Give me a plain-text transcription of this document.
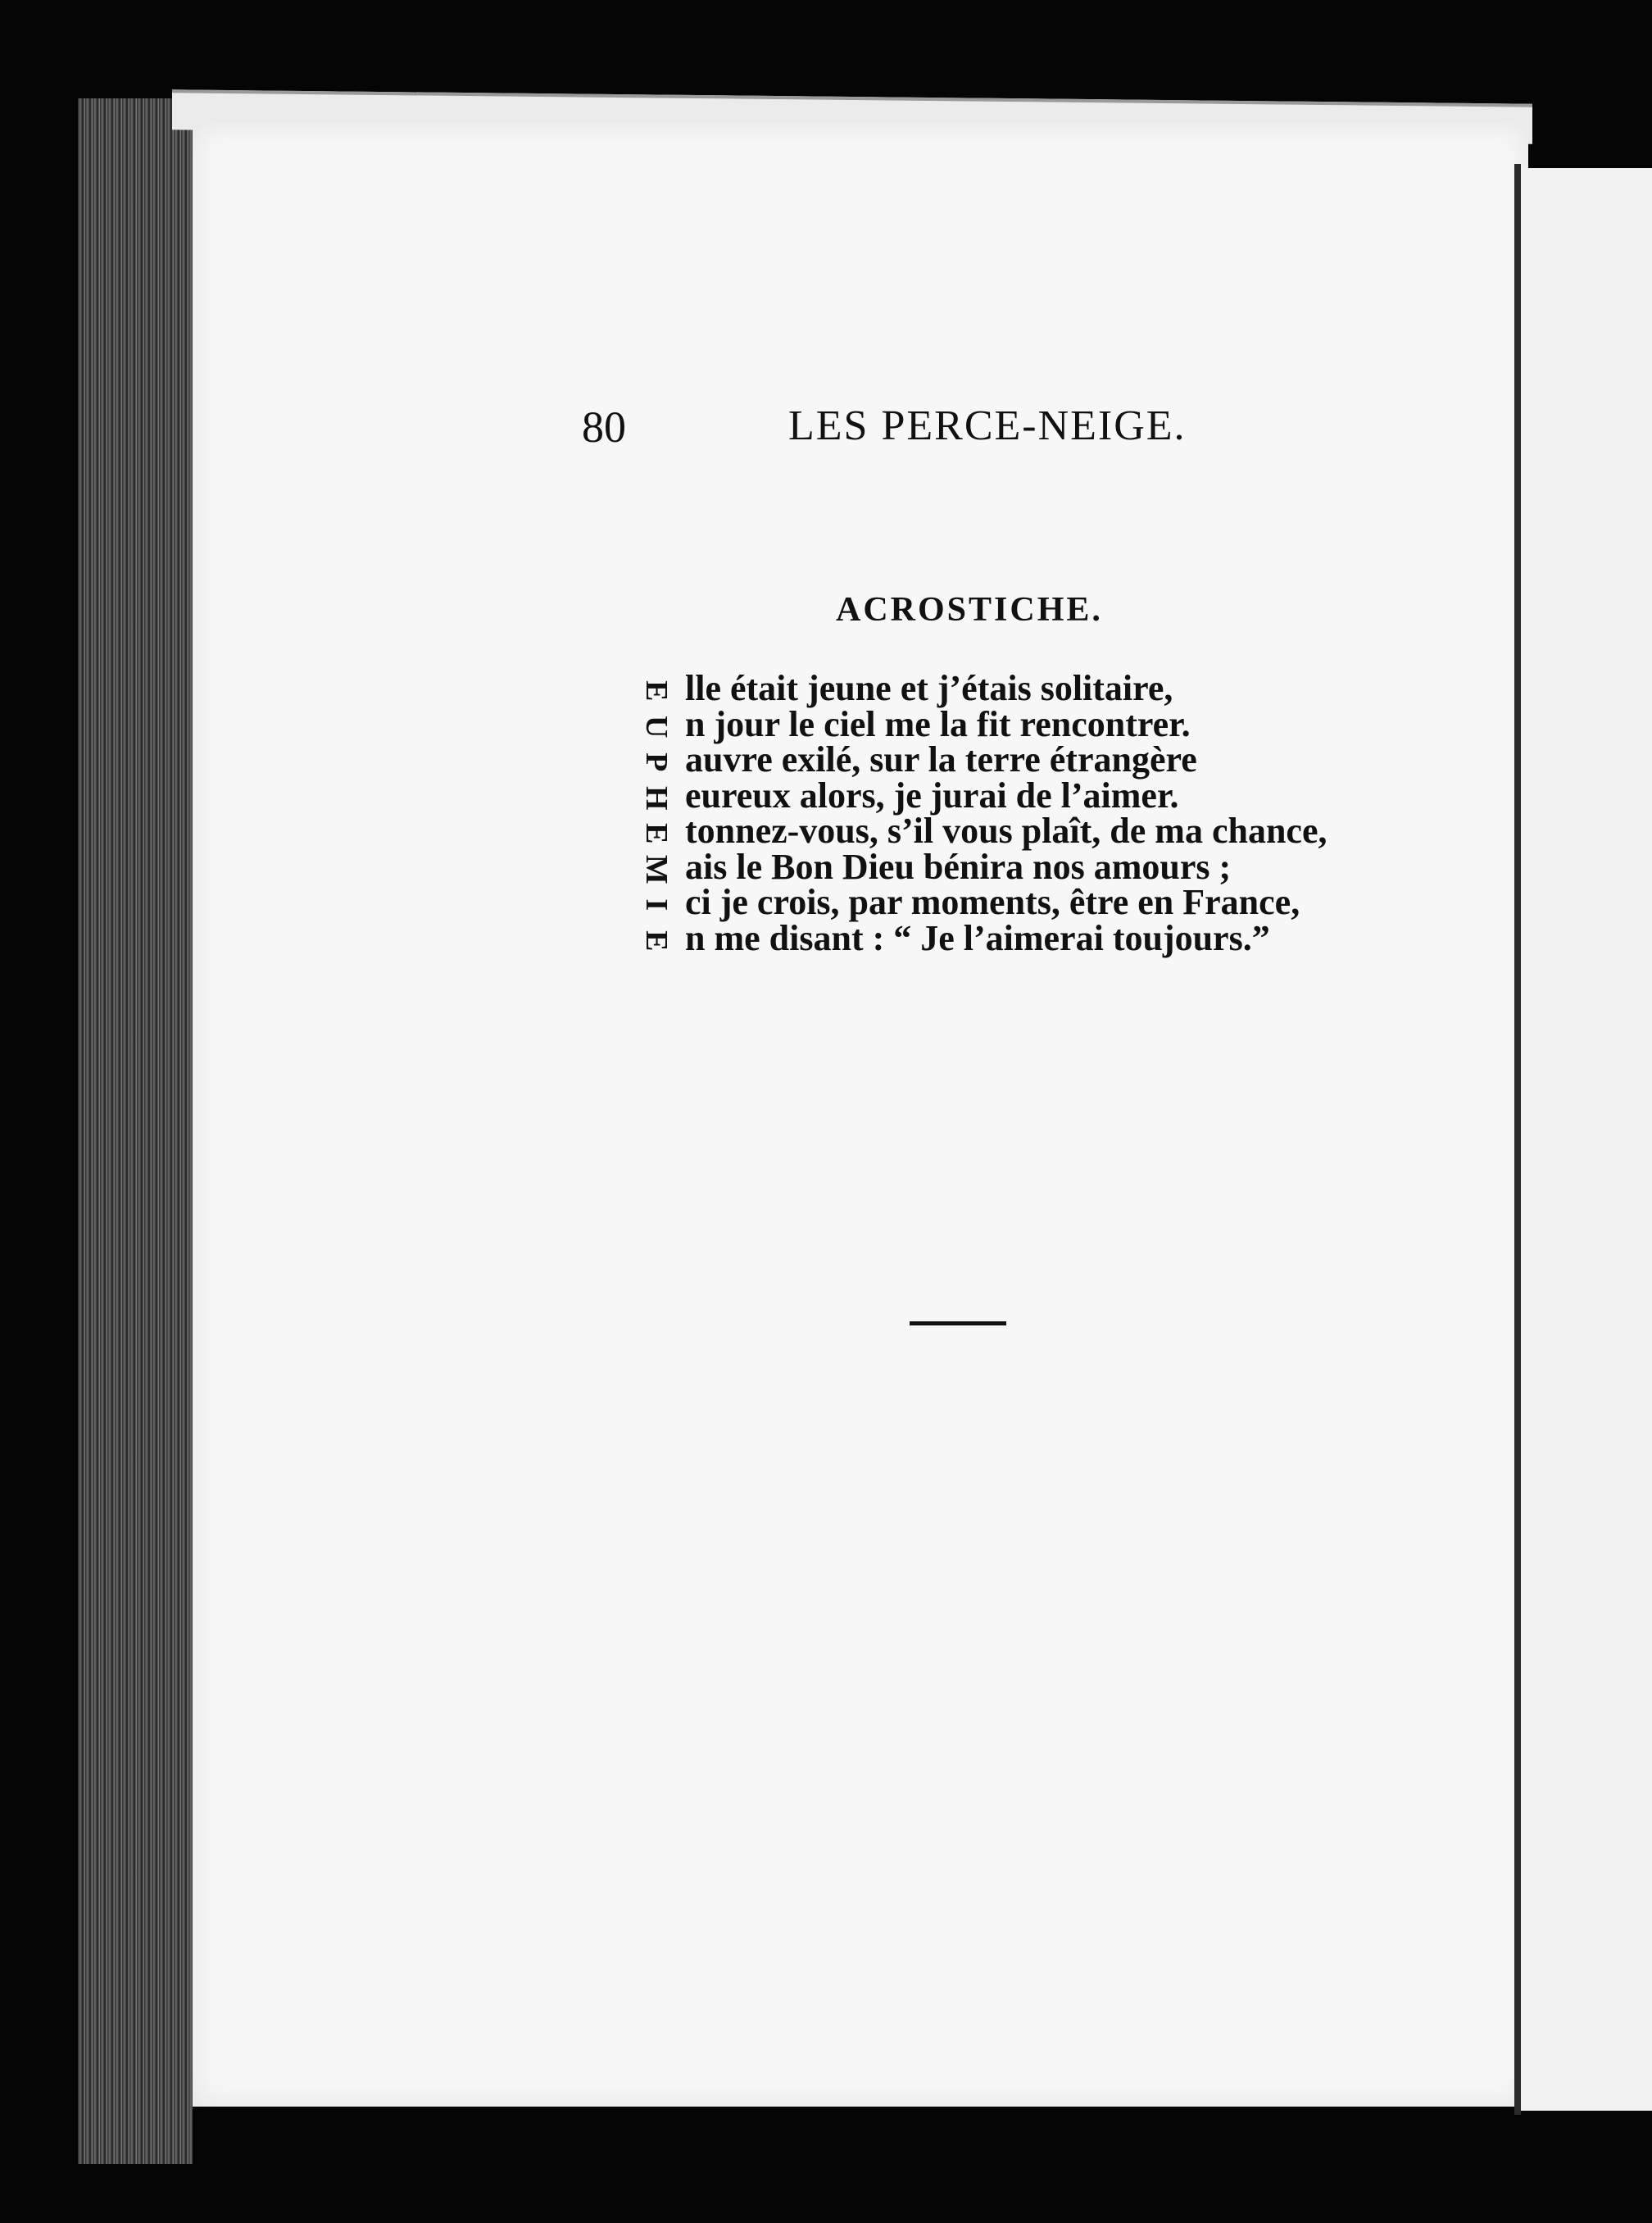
80	LES PERCE-NEIGE.
ACROSTICHE.
E lle était jeune et j’étais solitaire,
U n jour le ciel me la fit rencontrer.
P auvre exilé, sur la terre étrangère
H eureux alors, je jurai de l’aimer.
E tonnez-vous, s’il vous plaît, de ma chance,
M ais le Bon Dieu bénira nos amours ;
I ci je crois, par moments, être en France,
E n me disant : “ Je l’aimerai toujours.”
